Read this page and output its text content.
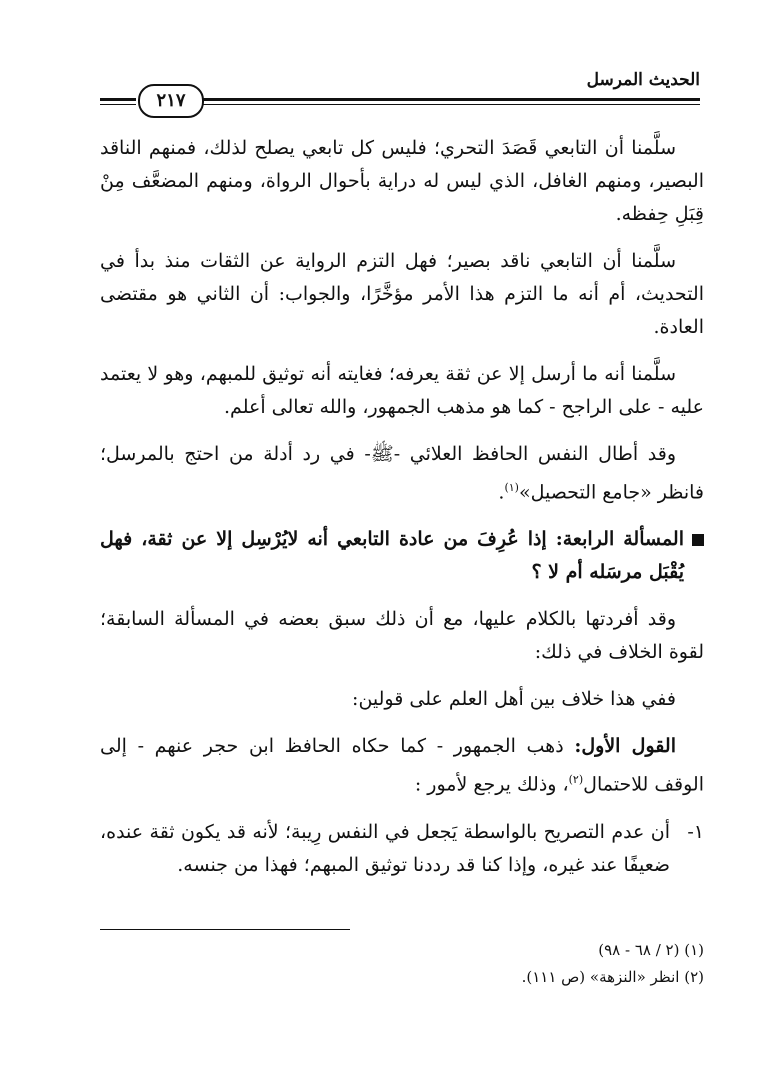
الحديث المرسل
٢١٧

سلَّمنا أن التابعي قَصَدَ التحري؛ فليس كل تابعي يصلح لذلك، فمنهم الناقد البصير، ومنهم الغافل، الذي ليس له دراية بأحوال الرواة، ومنهم المضعَّف مِنْ قِبَلِ حِفظه.

سلَّمنا أن التابعي ناقد بصير؛ فهل التزم الرواية عن الثقات منذ بدأ في التحديث، أم أنه ما التزم هذا الأمر مؤخَّرًا، والجواب: أن الثاني هو مقتضى العادة.

سلَّمنا أنه ما أرسل إلا عن ثقة يعرفه؛ فغايته أنه توثيق للمبهم، وهو لا يعتمد عليه - على الراجح - كما هو مذهب الجمهور، والله تعالى أعلم.

وقد أطال النفس الحافظ العلائي -ﷺ- في رد أدلة من احتج بالمرسل؛ فانظر «جامع التحصيل»$^{(١)}$.

المسألة الرابعة: إذا عُرِفَ من عادة التابعي أنه لايُرْسِل إلا عن ثقة، فهل يُقْبَل مرسَله أم لا ؟

وقد أفردتها بالكلام عليها، مع أن ذلك سبق بعضه في المسألة السابقة؛ لقوة الخلاف في ذلك:

ففي هذا خلاف بين أهل العلم على قولين:

القول الأول: ذهب الجمهور - كما حكاه الحافظ ابن حجر عنهم - إلى الوقف للاحتمال$^{(٢)}$، وذلك يرجع لأمور :

١-

أن عدم التصريح بالواسطة يَجعل في النفس رِيبة؛ لأنه قد يكون ثقة عنده، ضعيفًا عند غيره، وإذا كنا قد رددنا توثيق المبهم؛ فهذا من جنسه.

(١) (٢ / ٦٨ - ٩٨)
(٢) انظر «النزهة» (ص ١١١).
